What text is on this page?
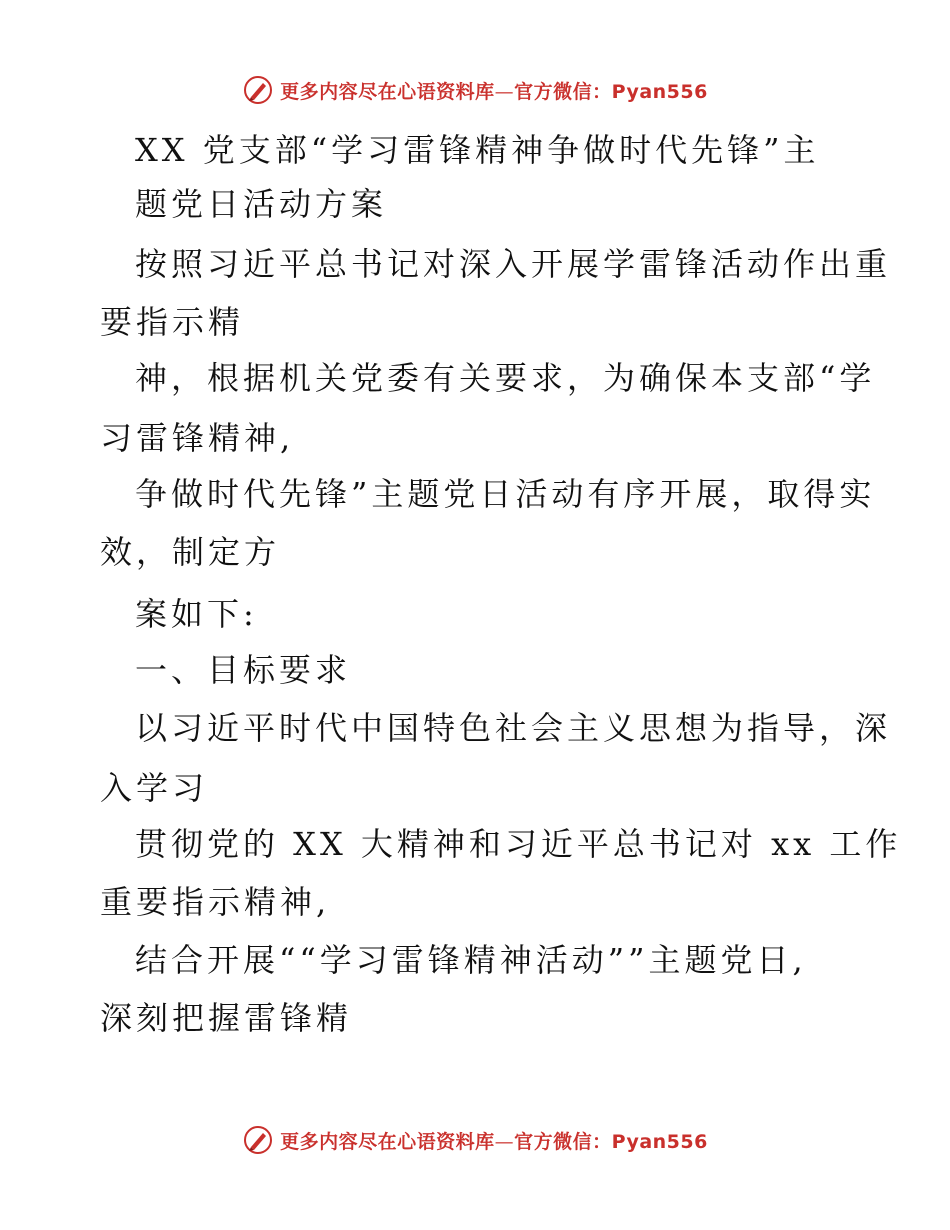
更多内容尽在心语资料库—官方微信：Pyan556
XX 党支部“学习雷锋精神争做时代先锋”主
题党日活动方案
按照习近平总书记对深入开展学雷锋活动作出重
要指示精
神，根据机关党委有关要求，为确保本支部“学
习雷锋精神,
争做时代先锋”主题党日活动有序开展，取得实
效，制定方
案如下:
一、目标要求
以习近平时代中国特色社会主义思想为指导，深
入学习
贯彻党的 XX 大精神和习近平总书记对 xx 工作
重要指示精神,
结合开展““学习雷锋精神活动””主题党日,
深刻把握雷锋精
更多内容尽在心语资料库—官方微信：Pyan556
